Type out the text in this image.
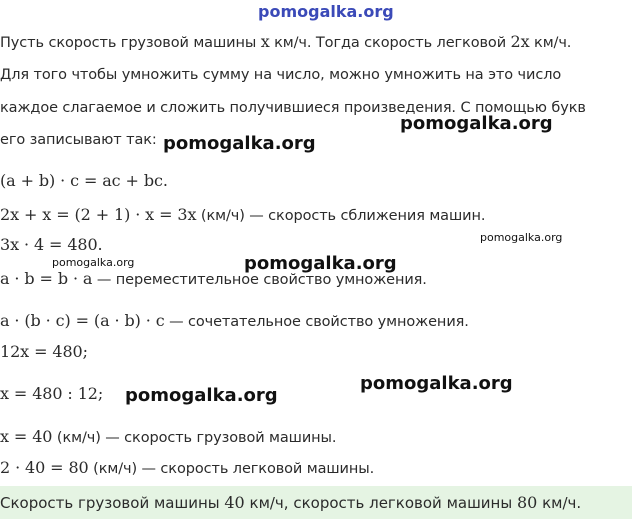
pomogalka.org
Пусть скорость грузовой машины x км/ч. Тогда скорость легковой 2x км/ч.
Для того чтобы умножить сумму на число, можно умножить на это число
каждое слагаемое и сложить получившиеся произведения. С помощью букв
его записывают так:
(a + b) · c = ac + bc.
2x + x = (2 + 1) · x = 3x (км/ч) — скорость сближения машин.
3x · 4 = 480.
a · b = b · a — переместительное свойство умножения.
a · (b · c) = (a · b) · c — сочетательное свойство умножения.
12x = 480;
x = 480 : 12;
x = 40 (км/ч) — скорость грузовой машины.
2 · 40 = 80 (км/ч) — скорость легковой машины.
Скорость грузовой машины 40 км/ч, скорость легковой машины 80 км/ч.
pomogalka.org
pomogalka.org
pomogalka.org
pomogalka.org
pomogalka.org
pomogalka.org
pomogalka.org
